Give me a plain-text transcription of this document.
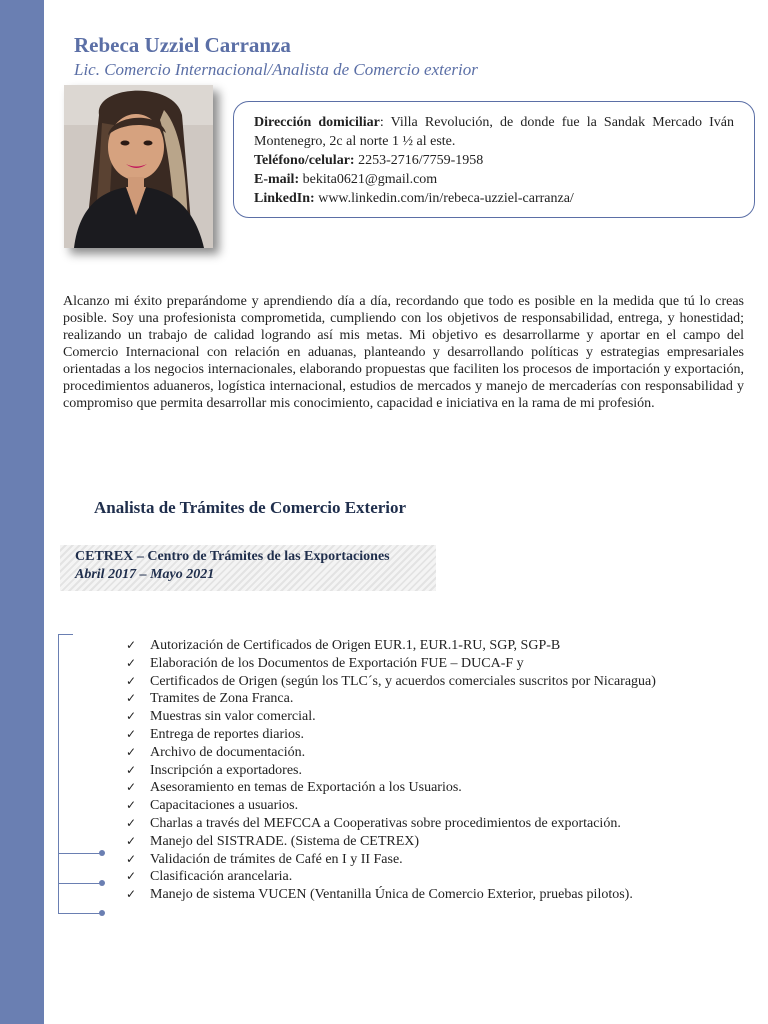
Rebeca Uzziel Carranza
Lic. Comercio Internacional/Analista de Comercio exterior
Dirección domiciliar: Villa Revolución, de donde fue la Sandak Mercado Iván Montenegro, 2c al norte 1 ½ al este.
Teléfono/celular: 2253-2716/7759-1958
E-mail: bekita0621@gmail.com
LinkedIn: www.linkedin.com/in/rebeca-uzziel-carranza/
Alcanzo mi éxito preparándome y aprendiendo día a día, recordando que todo es posible en la medida que tú lo creas posible. Soy una profesionista comprometida, cumpliendo con los objetivos de responsabilidad, entrega, y honestidad; realizando un trabajo de calidad logrando así mis metas. Mi objetivo es desarrollarme y aportar en el campo del Comercio Internacional con relación en aduanas, planteando y desarrollando políticas y estrategias empresariales orientadas a los negocios internacionales, elaborando propuestas que faciliten los procesos de importación y exportación, procedimientos aduaneros, logística internacional, estudios de mercados y manejo de mercaderías con responsabilidad y compromiso que permita desarrollar mis conocimiento, capacidad e iniciativa en la rama de mi profesión.
Analista de Trámites de Comercio Exterior
CETREX – Centro de Trámites de las Exportaciones
Abril 2017 – Mayo 2021
✓ Autorización de Certificados de Origen EUR.1, EUR.1-RU, SGP, SGP-B
✓ Elaboración de los Documentos de Exportación FUE – DUCA-F y
✓ Certificados de Origen (según los TLC´s, y acuerdos comerciales suscritos por Nicaragua)
✓ Tramites de Zona Franca.
✓ Muestras sin valor comercial.
✓ Entrega de reportes diarios.
✓ Archivo de documentación.
✓ Inscripción a exportadores.
✓ Asesoramiento en temas de Exportación a los Usuarios.
✓ Capacitaciones a usuarios.
✓ Charlas a través del MEFCCA a Cooperativas sobre procedimientos de exportación.
✓ Manejo del SISTRADE. (Sistema de CETREX)
✓ Validación de trámites de Café en I y II Fase.
✓ Clasificación arancelaria.
✓ Manejo de sistema VUCEN (Ventanilla Única de Comercio Exterior, pruebas pilotos).
